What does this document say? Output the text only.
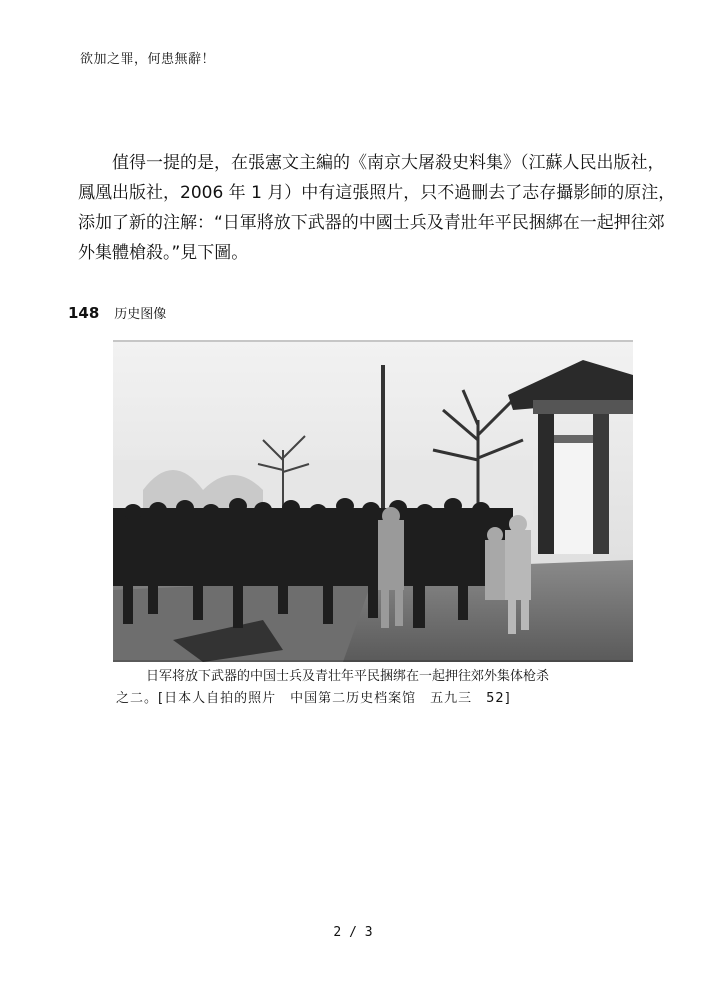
欲加之罪，何患無辭！

值得一提的是，在張憲文主編的《南京大屠殺史料集》（江蘇人民出版社，
鳳凰出版社，2006 年 1 月）中有這張照片，只不過刪去了志存攝影師的原注，
添加了新的注解：“日軍將放下武器的中國士兵及青壯年平民捆綁在一起押往郊
外集體槍殺。”見下圖。

148 历史图像
日军将放下武器的中国士兵及青壮年平民捆绑在一起押往郊外集体枪杀
之二。[日本人自拍的照片　中国第二历史档案馆　五九三　52]
2 / 3
